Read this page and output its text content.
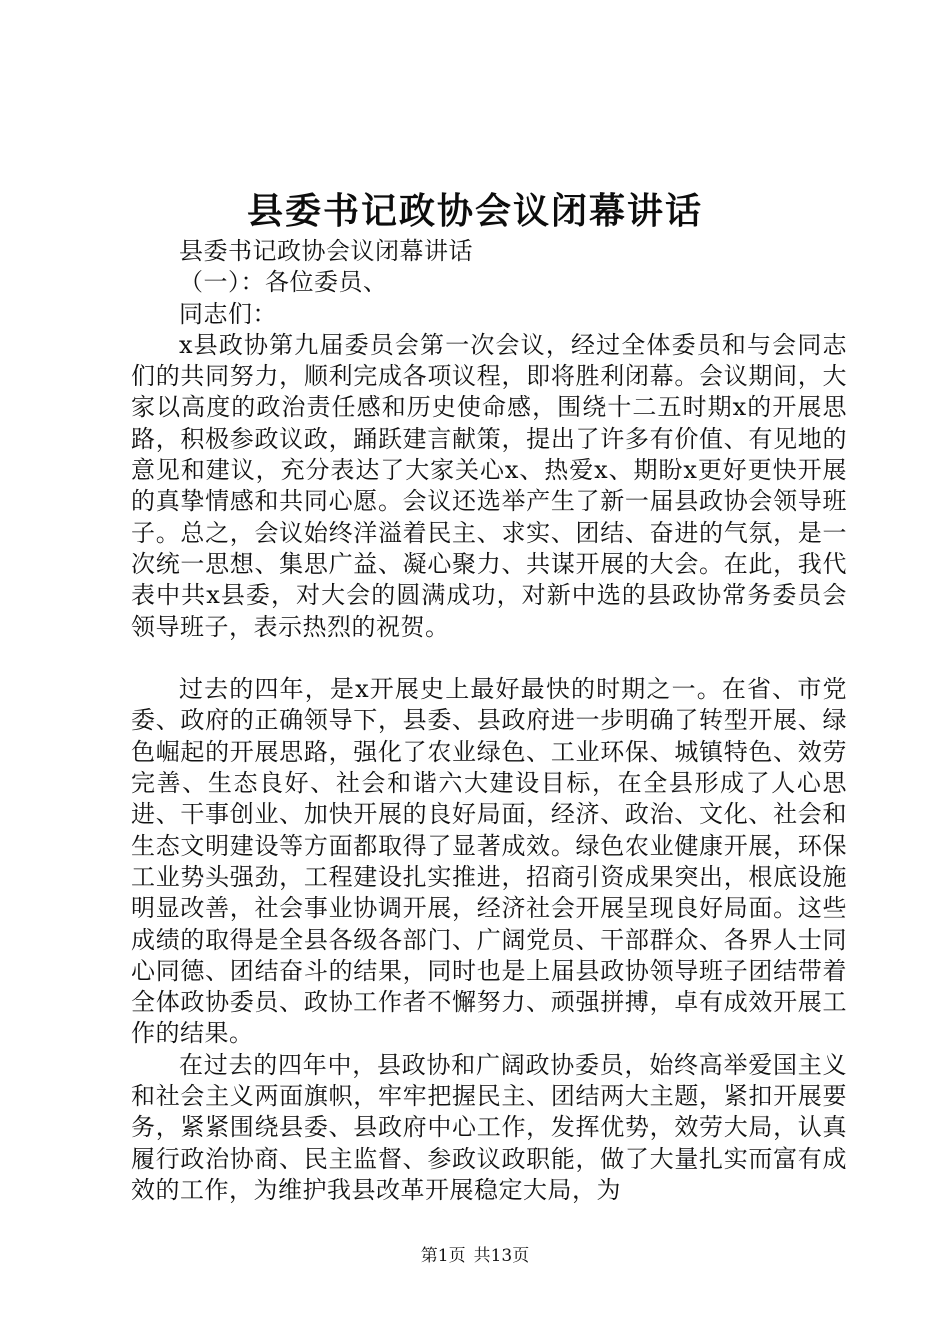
县委书记政协会议闭幕讲话

县委书记政协会议闭幕讲话

（一）：各位委员、

同志们：

x县政协第九届委员会第一次会议，经过全体委员和与会同志们的共同努力，顺利完成各项议程，即将胜利闭幕。会议期间，大家以高度的政治责任感和历史使命感，围绕十二五时期x的开展思路，积极参政议政，踊跃建言献策，提出了许多有价值、有见地的意见和建议，充分表达了大家关心x、热爱x、期盼x更好更快开展的真挚情感和共同心愿。会议还选举产生了新一届县政协会领导班子。总之，会议始终洋溢着民主、求实、团结、奋进的气氛，是一次统一思想、集思广益、凝心聚力、共谋开展的大会。在此，我代表中共x县委，对大会的圆满成功，对新中选的县政协常务委员会领导班子，表示热烈的祝贺。

过去的四年，是x开展史上最好最快的时期之一。在省、市党委、政府的正确领导下，县委、县政府进一步明确了转型开展、绿色崛起的开展思路，强化了农业绿色、工业环保、城镇特色、效劳完善、生态良好、社会和谐六大建设目标，在全县形成了人心思进、干事创业、加快开展的良好局面，经济、政治、文化、社会和生态文明建设等方面都取得了显著成效。绿色农业健康开展，环保工业势头强劲，工程建设扎实推进，招商引资成果突出，根底设施明显改善，社会事业协调开展，经济社会开展呈现良好局面。这些成绩的取得是全县各级各部门、广阔党员、干部群众、各界人士同心同德、团结奋斗的结果，同时也是上届县政协领导班子团结带着全体政协委员、政协工作者不懈努力、顽强拼搏，卓有成效开展工作的结果。

在过去的四年中，县政协和广阔政协委员，始终高举爱国主义和社会主义两面旗帜，牢牢把握民主、团结两大主题，紧扣开展要务，紧紧围绕县委、县政府中心工作，发挥优势，效劳大局，认真履行政治协商、民主监督、参政议政职能，做了大量扎实而富有成效的工作，为维护我县改革开展稳定大局，为

第1页 共13页
